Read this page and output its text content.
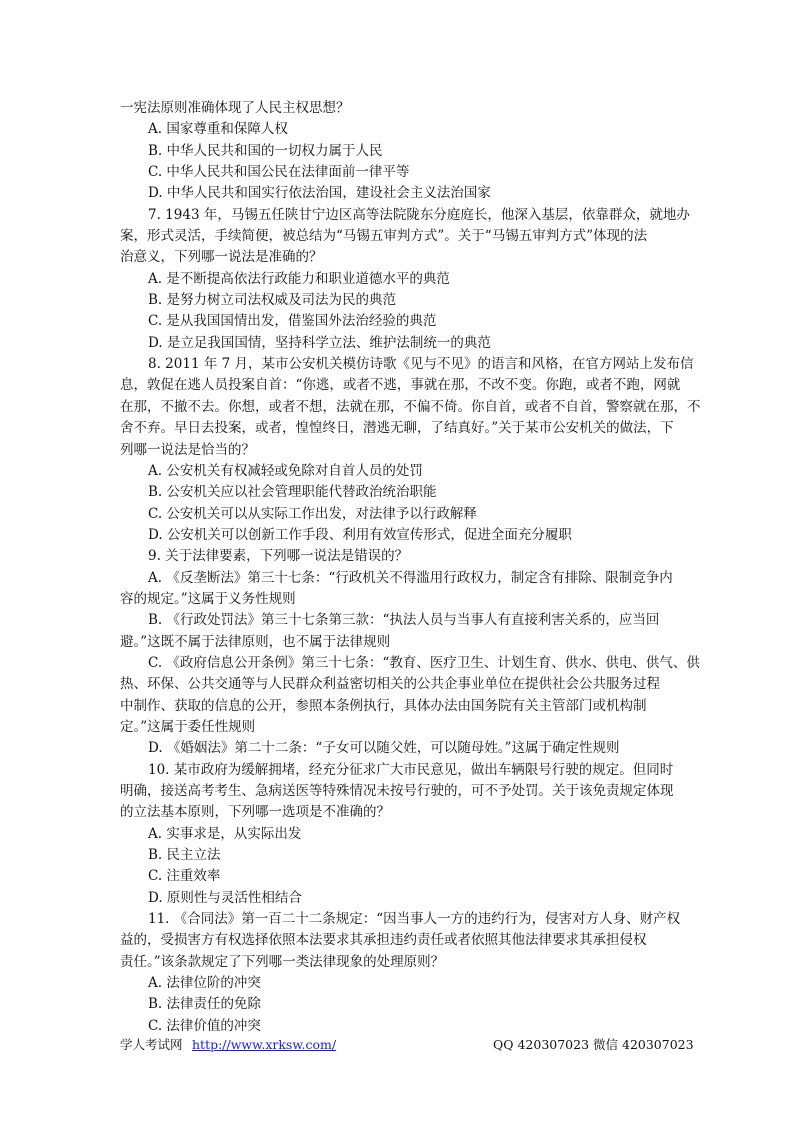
一宪法原则准确体现了人民主权思想？
A. 国家尊重和保障人权
B. 中华人民共和国的一切权力属于人民
C. 中华人民共和国公民在法律面前一律平等
D. 中华人民共和国实行依法治国，建设社会主义法治国家
7. 1943 年，马锡五任陕甘宁边区高等法院陇东分庭庭长，他深入基层，依靠群众，就地办
案，形式灵活，手续简便，被总结为“马锡五审判方式”。关于“马锡五审判方式”体现的法
治意义，下列哪一说法是准确的？
A. 是不断提高依法行政能力和职业道德水平的典范
B. 是努力树立司法权威及司法为民的典范
C. 是从我国国情出发，借鉴国外法治经验的典范
D. 是立足我国国情，坚持科学立法、维护法制统一的典范
8. 2011 年 7 月，某市公安机关模仿诗歌《见与不见》的语言和风格，在官方网站上发布信
息，敦促在逃人员投案自首：“你逃，或者不逃，事就在那，不改不变。你跑，或者不跑，网就
在那，不撤不去。你想，或者不想，法就在那，不偏不倚。你自首，或者不自首，警察就在那，不
舍不弃。早日去投案，或者，惶惶终日，潜逃无聊，了结真好。”关于某市公安机关的做法，下
列哪一说法是恰当的？
A. 公安机关有权减轻或免除对自首人员的处罚
B. 公安机关应以社会管理职能代替政治统治职能
C. 公安机关可以从实际工作出发，对法律予以行政解释
D. 公安机关可以创新工作手段、利用有效宣传形式，促进全面充分履职
9. 关于法律要素，下列哪一说法是错误的？
A. 《反垄断法》第三十七条：“行政机关不得滥用行政权力，制定含有排除、限制竞争内
容的规定。”这属于义务性规则
B. 《行政处罚法》第三十七条第三款：“执法人员与当事人有直接利害关系的，应当回
避。”这既不属于法律原则，也不属于法律规则
C. 《政府信息公开条例》第三十七条：“教育、医疗卫生、计划生育、供水、供电、供气、供
热、环保、公共交通等与人民群众利益密切相关的公共企事业单位在提供社会公共服务过程
中制作、获取的信息的公开，参照本条例执行，具体办法由国务院有关主管部门或机构制
定。”这属于委任性规则
D. 《婚姻法》第二十二条：“子女可以随父姓，可以随母姓。”这属于确定性规则
10. 某市政府为缓解拥堵，经充分征求广大市民意见，做出车辆限号行驶的规定。但同时
明确，接送高考考生、急病送医等特殊情况未按号行驶的，可不予处罚。关于该免责规定体现
的立法基本原则，下列哪一选项是不准确的？
A. 实事求是，从实际出发
B. 民主立法
C. 注重效率
D. 原则性与灵活性相结合
11. 《合同法》第一百二十二条规定：“因当事人一方的违约行为，侵害对方人身、财产权
益的，受损害方有权选择依照本法要求其承担违约责任或者依照其他法律要求其承担侵权
责任。”该条款规定了下列哪一类法律现象的处理原则？
A. 法律位阶的冲突
B. 法律责任的免除
C. 法律价值的冲突
学人考试网 http://www.xrksw.com/	QQ 420307023 微信 420307023
